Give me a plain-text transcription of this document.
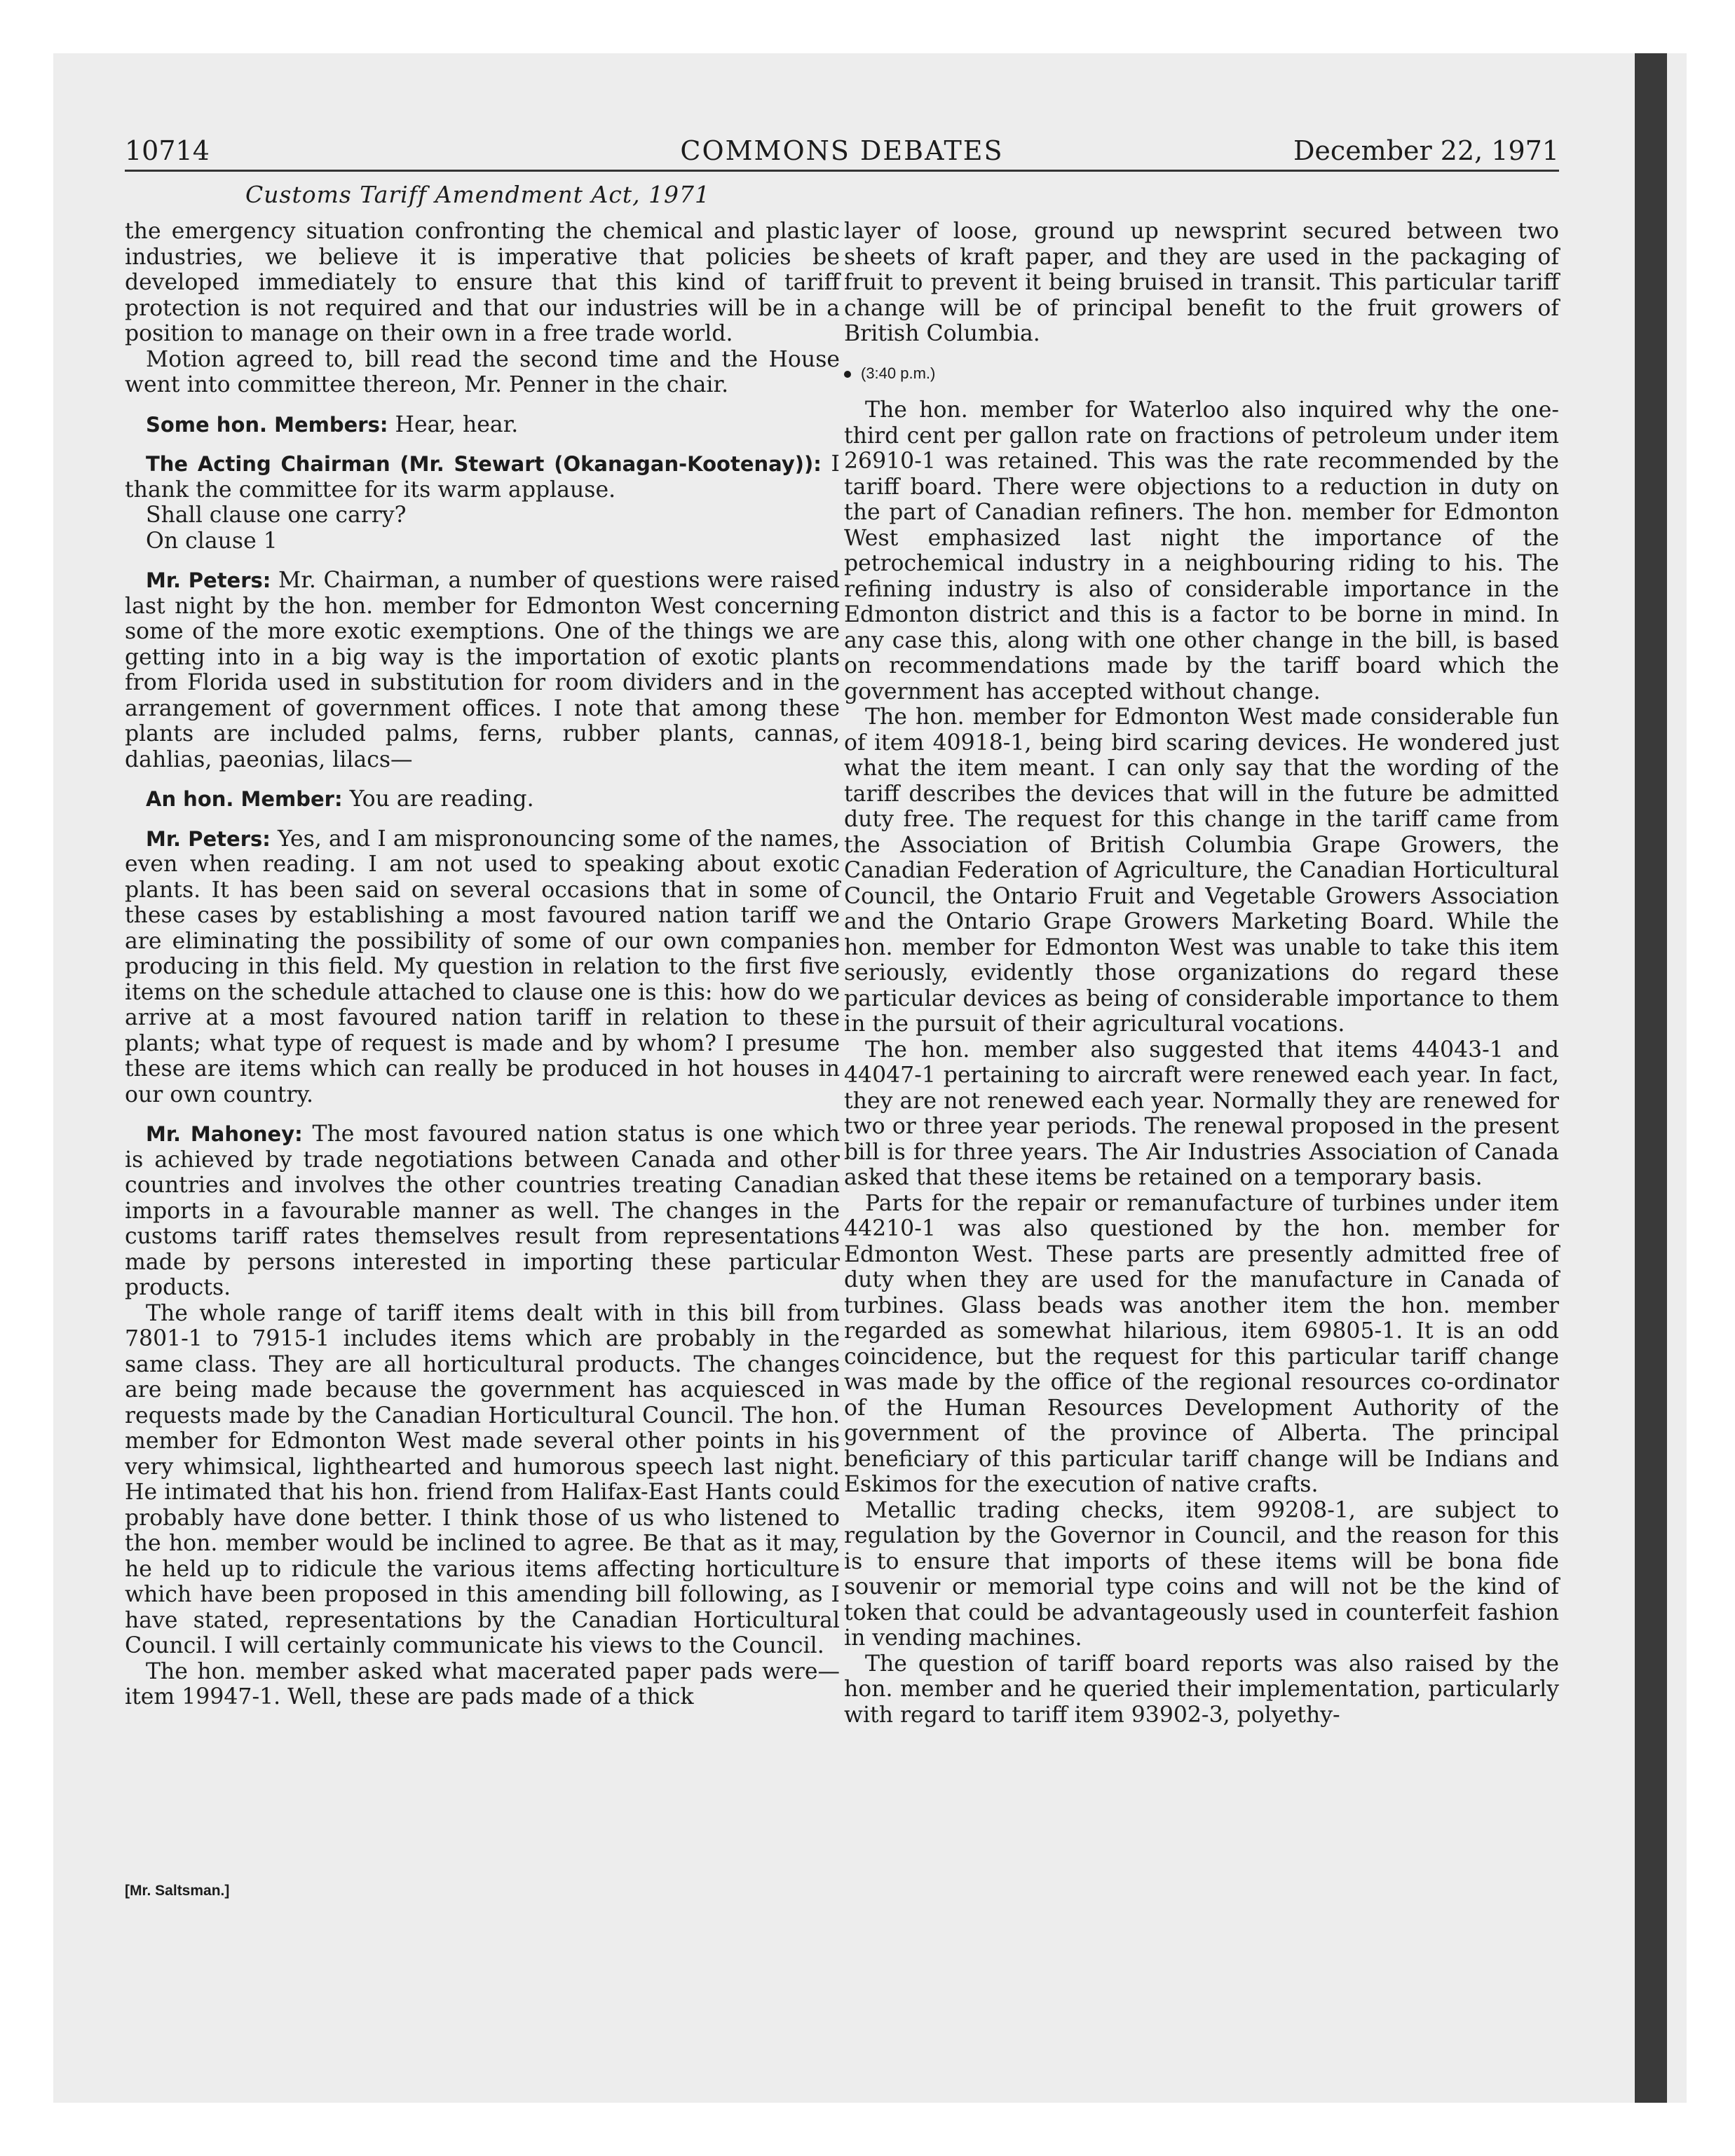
10714	COMMONS DEBATES	December 22, 1971
Customs Tariff Amendment Act, 1971

the emergency situation confronting the chemical and plastic industries, we believe it is imperative that policies be developed immediately to ensure that this kind of tariff protection is not required and that our industries will be in a position to manage on their own in a free trade world.

Motion agreed to, bill read the second time and the House went into committee thereon, Mr. Penner in the chair.

Some hon. Members: Hear, hear.

The Acting Chairman (Mr. Stewart (Okanagan-Kootenay)): I thank the committee for its warm applause.

Shall clause one carry?

On clause 1

Mr. Peters: Mr. Chairman, a number of questions were raised last night by the hon. member for Edmonton West concerning some of the more exotic exemptions. One of the things we are getting into in a big way is the importation of exotic plants from Florida used in substitution for room dividers and in the arrangement of government offices. I note that among these plants are included palms, ferns, rubber plants, cannas, dahlias, paeonias, lilacs—

An hon. Member: You are reading.

Mr. Peters: Yes, and I am mispronouncing some of the names, even when reading. I am not used to speaking about exotic plants. It has been said on several occasions that in some of these cases by establishing a most favoured nation tariff we are eliminating the possibility of some of our own companies producing in this field. My question in relation to the first five items on the schedule attached to clause one is this: how do we arrive at a most favoured nation tariff in relation to these plants; what type of request is made and by whom? I presume these are items which can really be produced in hot houses in our own country.

Mr. Mahoney: The most favoured nation status is one which is achieved by trade negotiations between Canada and other countries and involves the other countries treating Canadian imports in a favourable manner as well. The changes in the customs tariff rates themselves result from representations made by persons interested in importing these particular products.

The whole range of tariff items dealt with in this bill from 7801-1 to 7915-1 includes items which are probably in the same class. They are all horticultural products. The changes are being made because the government has acquiesced in requests made by the Canadian Horticultural Council. The hon. member for Edmonton West made several other points in his very whimsical, lighthearted and humorous speech last night. He intimated that his hon. friend from Halifax-East Hants could probably have done better. I think those of us who listened to the hon. member would be inclined to agree. Be that as it may, he held up to ridicule the various items affecting horticulture which have been proposed in this amending bill following, as I have stated, representations by the Canadian Horticultural Council. I will certainly communicate his views to the Council.

The hon. member asked what macerated paper pads were—item 19947-1. Well, these are pads made of a thick

layer of loose, ground up newsprint secured between two sheets of kraft paper, and they are used in the packaging of fruit to prevent it being bruised in transit. This particular tariff change will be of principal benefit to the fruit growers of British Columbia.

(3:40 p.m.)

The hon. member for Waterloo also inquired why the one-third cent per gallon rate on fractions of petroleum under item 26910-1 was retained. This was the rate recommended by the tariff board. There were objections to a reduction in duty on the part of Canadian refiners. The hon. member for Edmonton West emphasized last night the importance of the petrochemical industry in a neighbouring riding to his. The refining industry is also of considerable importance in the Edmonton district and this is a factor to be borne in mind. In any case this, along with one other change in the bill, is based on recommendations made by the tariff board which the government has accepted without change.

The hon. member for Edmonton West made considerable fun of item 40918-1, being bird scaring devices. He wondered just what the item meant. I can only say that the wording of the tariff describes the devices that will in the future be admitted duty free. The request for this change in the tariff came from the Association of British Columbia Grape Growers, the Canadian Federation of Agriculture, the Canadian Horticultural Council, the Ontario Fruit and Vegetable Growers Association and the Ontario Grape Growers Marketing Board. While the hon. member for Edmonton West was unable to take this item seriously, evidently those organizations do regard these particular devices as being of considerable importance to them in the pursuit of their agricultural vocations.

The hon. member also suggested that items 44043-1 and 44047-1 pertaining to aircraft were renewed each year. In fact, they are not renewed each year. Normally they are renewed for two or three year periods. The renewal proposed in the present bill is for three years. The Air Industries Association of Canada asked that these items be retained on a temporary basis.

Parts for the repair or remanufacture of turbines under item 44210-1 was also questioned by the hon. member for Edmonton West. These parts are presently admitted free of duty when they are used for the manufacture in Canada of turbines. Glass beads was another item the hon. member regarded as somewhat hilarious, item 69805-1. It is an odd coincidence, but the request for this particular tariff change was made by the office of the regional resources co-ordinator of the Human Resources Development Authority of the government of the province of Alberta. The principal beneficiary of this particular tariff change will be Indians and Eskimos for the execution of native crafts.

Metallic trading checks, item 99208-1, are subject to regulation by the Governor in Council, and the reason for this is to ensure that imports of these items will be bona fide souvenir or memorial type coins and will not be the kind of token that could be advantageously used in counterfeit fashion in vending machines.

The question of tariff board reports was also raised by the hon. member and he queried their implementation, particularly with regard to tariff item 93902-3, polyethy-

[Mr. Saltsman.]
